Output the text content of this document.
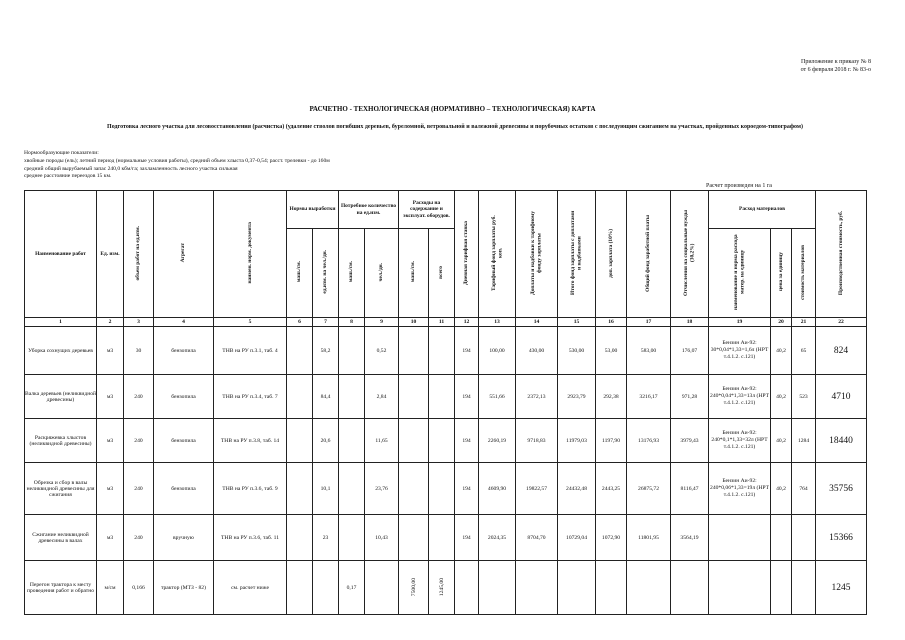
Приложение к приказу № 8
от 6 февраля 2018 г. № 83-о
РАСЧЕТНО - ТЕХНОЛОГИЧЕСКАЯ (НОРМАТИВНО – ТЕХНОЛОГИЧЕСКАЯ) КАРТА
Подготовка лесного участка для лесовосстановления (расчистка) (удаление стволов погибших деревьев, буреломной, ветровальной и валежной древесины и порубочных остатков с последующим сжиганием на участках, пройденных короедом-типографом)
Нормообразующие показатели:
хвойные породы (ель); летний период (нормальные условия работы), средний объем хлыста 0,37-0,54; расст. трелевки - до 160м
средний общий вырубаемый запас 240,0 кбм/га; захламленность лесного участка сильная
среднее расстояние переездов 15 км.
Расчет произведен на 1 га
Наименование работ	Ед. изм.	объем работ на ед.изм.	Агрегат	наимен. норм. документа	Нормы выработки		Потребное количество на ед.изм.		Расходы на содержание и эксплуат. оборудов.		Дневная тарифная ставка	Тарифный фонд зарплаты руб. коп.	Доплаты и надбавки к тарифному фонду зарплаты	Итого фонд зарплаты с доплатами и надбавками	доп. зарплата (10%)	Общий фонд заработной платы	Отчисления на социальные нужды (30,2%)	Расход материалов			Производственная стоимость, руб.
					маш./см.	ед.изм. на чел./дн.	маш./см.	чел./дн.	маш./см.	всего								наименование и норма расхода матер. на единицу	цена за единицу	стоимость материалов	
1	2	3	4	5	6	7	8	9	10	11	12	13	14	15	16	17	18	19	20	21	22
Уборка сохнущих деревьев	м3	30	бензопила	ТНВ на РУ п.3.1, таб. 4		58,2		0,52			194	100,00	430,00	530,00	53,00	583,00	176,07	Бензин Аи-92: 30*0,04*1,33=1,6л (НРТ т.4.1.2. с.121)	40,2	65	824
Валка деревьев (неликвидной древесины)	м3	240	бензопила	ТНВ на РУ п.3.4, таб. 7		84,4		2,84			194	551,66	2372,13	2923,79	292,38	3216,17	971,28	Бензин Аи-92: 240*0,04*1,33=13л (НРТ т.4.1.2. с.121)	40,2	523	4710
Раскряжевка хлыстов (неликвидной древесины)	м3	240	бензопила	ТНВ на РУ п.3.8, таб. 14		20,6		11,65			194	2260,19	9718,83	11979,03	1197,90	13176,93	3979,43	Бензин Аи-92: 240*0,1*1,33=32л (НРТ т.4.1.2. с.121)	40,2	1284	18440
Обрезка и сбор в валы неликвидной древесины для сжигания	м3	240	бензопила	ТНВ на РУ п.3.6, таб. 9		10,1		23,76			194	4609,90	19822,57	24432,48	2443,25	26875,72	8116,47	Бензин Аи-92: 240*0,06*1,33=19л (НРТ т.4.1.2. с.121)	40,2	764	35756
Сжигание неликвидной древесины в валах	м3	240	вручную	ТНВ на РУ п.3.6, таб. 11		23		10,43			194	2024,35	8704,70	10729,04	1072,90	11801,95	3564,19				15366
Перегон трактора к месту проведения работ и обратно	м/см	0,166	трактор (МТЗ - 82)	см. расчет ниже			0,17		7500,00	1245,00											1245
